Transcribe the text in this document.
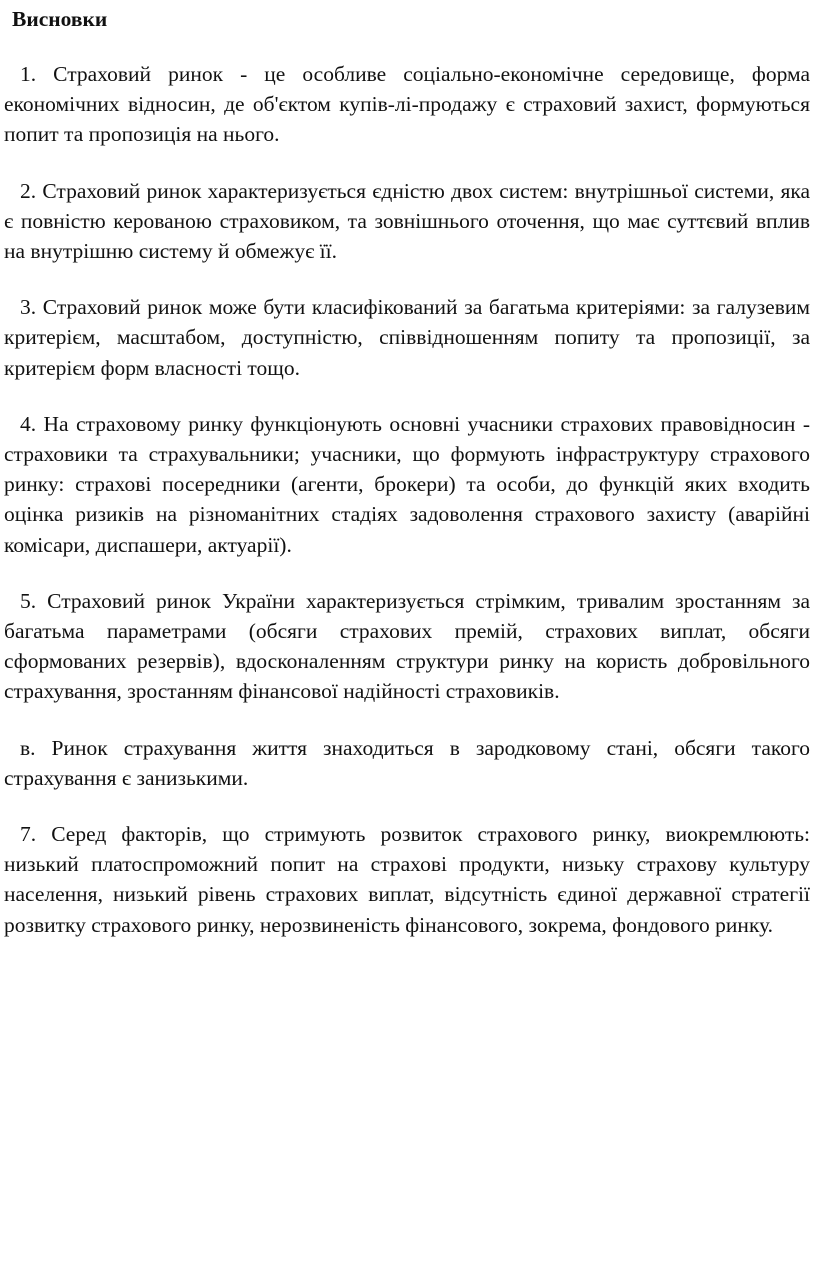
Висновки

1. Страховий ринок - це особливе соціально-економічне середовище, форма економічних відносин, де об'єктом купів-лі-продажу є страховий захист, формуються попит та пропозиція на нього.

2. Страховий ринок характеризується єдністю двох систем: внутрішньої системи, яка є повністю керованою страховиком, та зовнішнього оточення, що має суттєвий вплив на внутрішню систему й обмежує її.

3. Страховий ринок може бути класифікований за багатьма критеріями: за галузевим критерієм, масштабом, доступністю, співвідношенням попиту та пропозиції, за критерієм форм власності тощо.

4. На страховому ринку функціонують основні учасники страхових правовідносин - страховики та страхувальники; учасники, що формують інфраструктуру страхового ринку: страхові посередники (агенти, брокери) та особи, до функцій яких входить оцінка ризиків на різноманітних стадіях задоволення страхового захисту (аварійні комісари, диспашери, актуарії).

5. Страховий ринок України характеризується стрімким, тривалим зростанням за багатьма параметрами (обсяги страхових премій, страхових виплат, обсяги сформованих резервів), вдосконаленням структури ринку на користь добровільного страхування, зростанням фінансової надійності страховиків.

в. Ринок страхування життя знаходиться в зародковому стані, обсяги такого страхування є занизькими.

7. Серед факторів, що стримують розвиток страхового ринку, виокремлюють: низький платоспроможний попит на страхові продукти, низьку страхову культуру населення, низький рівень страхових виплат, відсутність єдиної державної стратегії розвитку страхового ринку, нерозвиненість фінансового, зокрема, фондового ринку.
